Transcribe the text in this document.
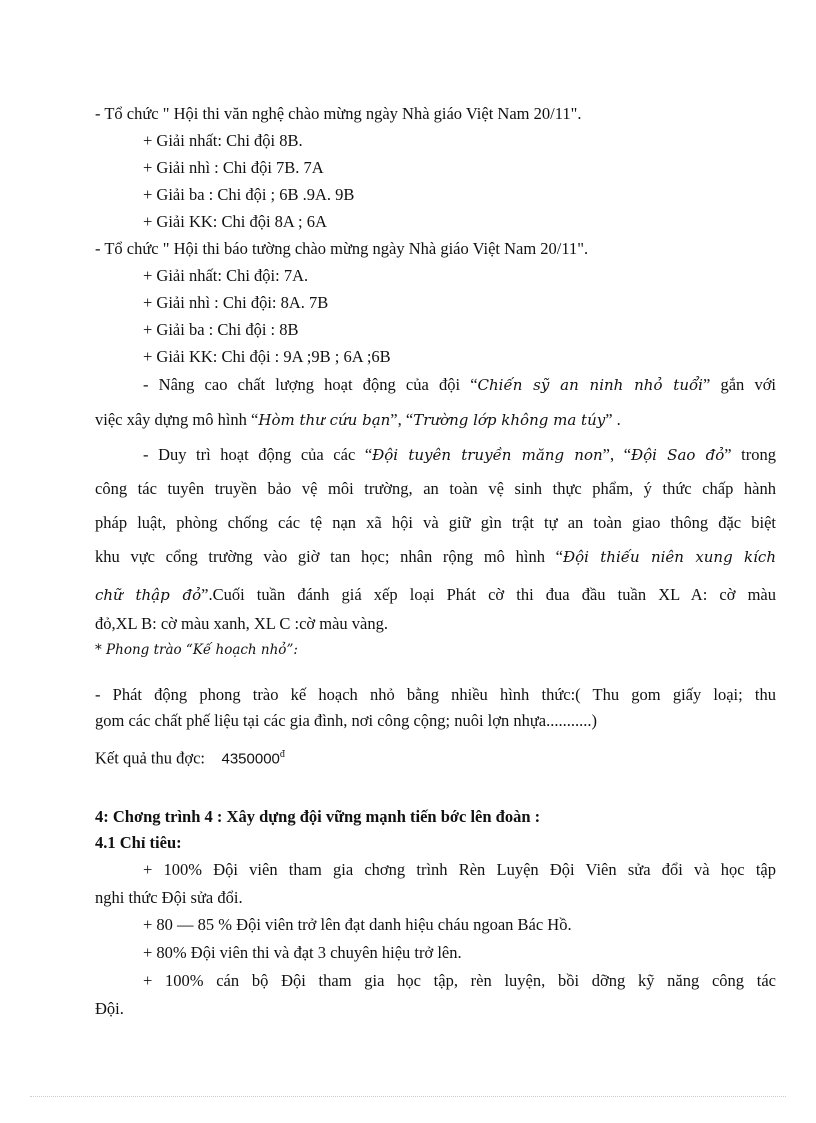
- Tổ chức " Hội thi văn nghệ chào mừng ngày Nhà giáo Việt Nam 20/11".
+ Giải nhất: Chi đội 8B.
+ Giải nhì : Chi đội 7B. 7A
+ Giải ba : Chi đội ; 6B .9A. 9B
+ Giải KK: Chi đội 8A ; 6A
- Tổ chức " Hội thi báo tường chào mừng ngày Nhà giáo Việt Nam 20/11".
+ Giải nhất: Chi đội: 7A.
+ Giải nhì : Chi đội: 8A. 7B
+ Giải ba : Chi đội : 8B
+ Giải KK: Chi đội : 9A ;9B ; 6A ;6B
- Nâng cao chất lượng hoạt động của đội “Chiến sỹ an ninh nhỏ tuổi” gắn với
việc xây dựng mô hình “Hòm thư cứu bạn”, “Trường lớp không ma túy” .
- Duy trì hoạt động của các “Đội tuyên truyền măng non”, “Đội Sao đỏ” trong
công tác tuyên truyền bảo vệ môi trường, an toàn vệ sinh thực phẩm, ý thức chấp hành
pháp luật, phòng chống các tệ nạn xã hội và giữ gìn trật tự an toàn giao thông đặc biệt
khu vực cổng trường vào giờ tan học; nhân rộng mô hình “Đội thiếu niên xung kích
chữ thập đỏ”.Cuối tuần đánh giá xếp loại Phát cờ thi đua đầu tuần XL A: cờ màu
đỏ,XL B: cờ màu xanh, XL C :cờ màu vàng.
* Phong trào “Kế hoạch nhỏ”:
- Phát động phong trào kế hoạch nhỏ bằng nhiều hình thức:( Thu gom giấy loại; thu
gom các chất phế liệu tại các gia đình, nơi công cộng; nuôi lợn nhựa...........)
Kết quả thu đợc: $4350000^đ$
4: Chơng trình 4 : Xây dựng đội vững mạnh tiến bớc lên đoàn :
4.1 Chỉ tiêu:
+ 100% Đội viên tham gia chơng trình Rèn Luyện Đội Viên sửa đổi và học tập
nghi thức Đội sửa đổi.
+ 80 — 85 % Đội viên trở lên đạt danh hiệu cháu ngoan Bác Hồ.
+ 80% Đội viên thi và đạt 3 chuyên hiệu trở lên.
+ 100% cán bộ Đội tham gia học tập, rèn luyện, bồi dỡng kỹ năng công tác
Đội.
